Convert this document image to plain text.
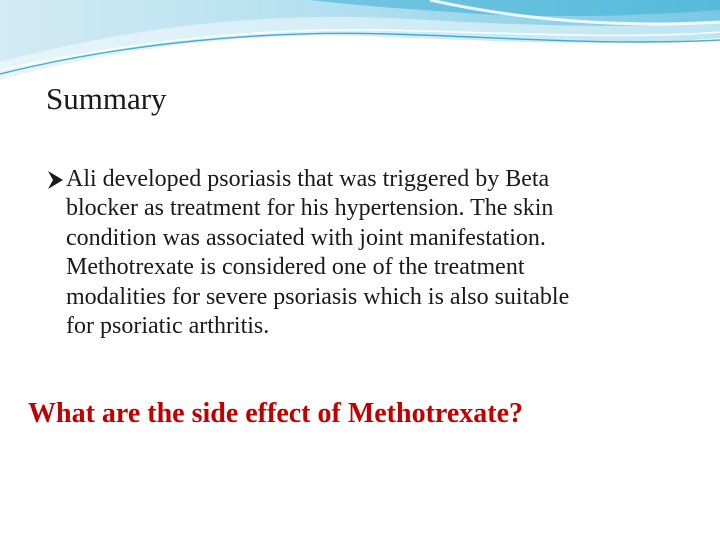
Summary

Ali developed psoriasis that was triggered by Beta
blocker as treatment for his hypertension. The skin
condition was associated with joint manifestation.
Methotrexate is considered one of the treatment
modalities for severe psoriasis which is also suitable
for psoriatic arthritis.

What are the side effect of Methotrexate?
